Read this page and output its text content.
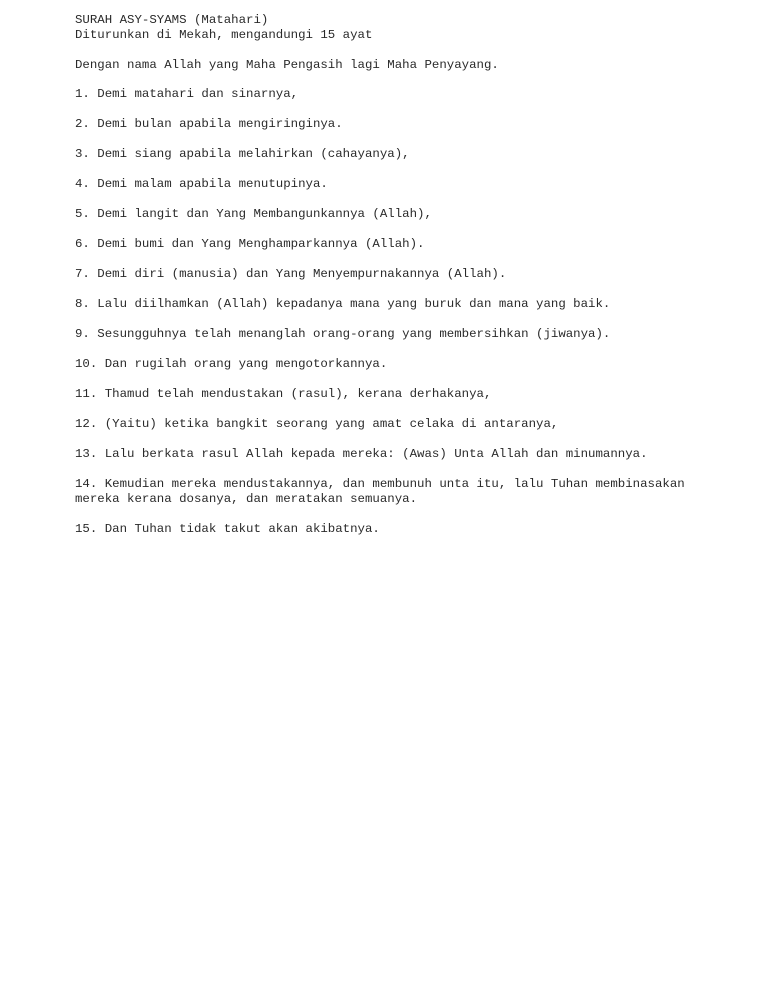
SURAH ASY-SYAMS (Matahari)
Diturunkan di Mekah, mengandungi 15 ayat
Dengan nama Allah yang Maha Pengasih lagi Maha Penyayang.
1. Demi matahari dan sinarnya,
2. Demi bulan apabila mengiringinya.
3. Demi siang apabila melahirkan (cahayanya),
4. Demi malam apabila menutupinya.
5. Demi langit dan Yang Membangunkannya (Allah),
6. Demi bumi dan Yang Menghamparkannya (Allah).
7. Demi diri (manusia) dan Yang Menyempurnakannya (Allah).
8. Lalu diilhamkan (Allah) kepadanya mana yang buruk dan mana yang baik.
9. Sesungguhnya telah menanglah orang-orang yang membersihkan (jiwanya).
10. Dan rugilah orang yang mengotorkannya.
11. Thamud telah mendustakan (rasul), kerana derhakanya,
12. (Yaitu) ketika bangkit seorang yang amat celaka di antaranya,
13. Lalu berkata rasul Allah kepada mereka: (Awas) Unta Allah dan minumannya.
14. Kemudian mereka mendustakannya, dan membunuh unta itu, lalu Tuhan membinasakan mereka kerana dosanya, dan meratakan semuanya.
15. Dan Tuhan tidak takut akan akibatnya.
